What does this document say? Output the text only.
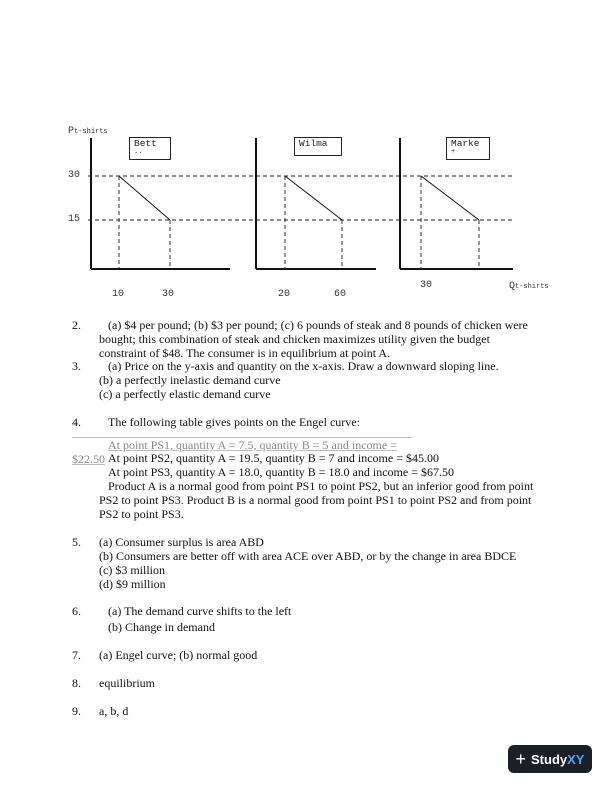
Pt-shirts
30
15
Bett
..
Wilma	Marke
+
10	30	20	60
30	Qt-shirts
2. (a) $4 per pound; (b) $3 per pound; (c) 6 pounds of steak and 8 pounds of chicken were
bought; this combination of steak and chicken maximizes utility given the budget
constraint of $48. The consumer is in equilibrium at point A.
3. (a) Price on the y-axis and quantity on the x-axis. Draw a downward sloping line.
(b) a perfectly inelastic demand curve
(c) a perfectly elastic demand curve
4. The following table gives points on the Engel curve:
At point PS1, quantity A = 7.5, quantity B = 5 and income = $22.50 At point PS2, quantity A = 19.5, quantity B = 7 and income = $45.00
At point PS3, quantity A = 18.0, quantity B = 18.0 and income = $67.50
Product A is a normal good from point PS1 to point PS2, but an inferior good from point
PS2 to point PS3. Product B is a normal good from point PS1 to point PS2 and from point
PS2 to point PS3.
5. (a) Consumer surplus is area ABD
(b) Consumers are better off with area ACE over ABD, or by the change in area BDCE
(c) $3 million
(d) $9 million
6. (a) The demand curve shifts to the left
(b) Change in demand
7. (a) Engel curve; (b) normal good
8. equilibrium
9. a, b, d
+ StudyXY
